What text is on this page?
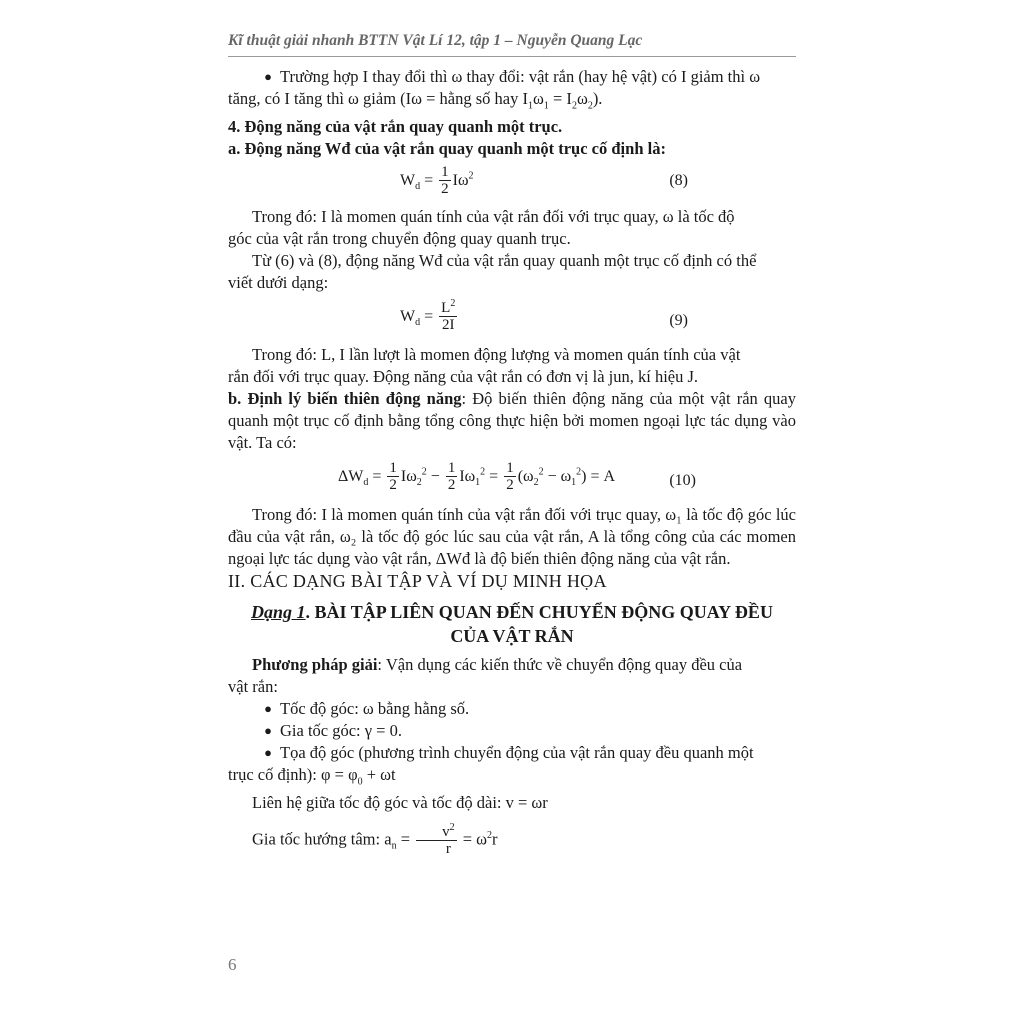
Kĩ thuật giải nhanh BTTN Vật Lí 12, tập 1 – Nguyễn Quang Lạc
● Trường hợp I thay đổi thì ω thay đổi: vật rắn (hay hệ vật) có I giảm thì ω

tăng, có I tăng thì ω giảm (Iω = hằng số hay $I_1\omega_1 = I_2\omega_2$).

4. Động năng của vật rắn quay quanh một trục.

a. Động năng Wđ của vật rắn quay quanh một trục cố định là:

$W_d = \frac{1}{2} I\omega^2$	(8)

Trong đó: I là momen quán tính của vật rắn đối với trục quay, ω là tốc độ

góc của vật rắn trong chuyển động quay quanh trục.

Từ (6) và (8), động năng Wđ của vật rắn quay quanh một trục cố định có thể

viết dưới dạng:

$W_d = \frac{L^2}{2I}$	(9)

Trong đó: L, I lần lượt là momen động lượng và momen quán tính của vật

rắn đối với trục quay. Động năng của vật rắn có đơn vị là jun, kí hiệu J.

b. Định lý biến thiên động năng: Độ biến thiên động năng của một vật rắn quay quanh một trục cố định bằng tổng công thực hiện bởi momen ngoại lực tác dụng vào vật. Ta có:

$\Delta W_d = \frac{1}{2} I\omega_2^2 - \frac{1}{2} I\omega_1^2 = \frac{1}{2} (\omega_2^2 - \omega_1^2) = A$	(10)

Trong đó: I là momen quán tính của vật rắn đối với trục quay, ω₁ là tốc độ góc lúc đầu của vật rắn, ω₂ là tốc độ góc lúc sau của vật rắn, A là tổng công của các momen ngoại lực tác dụng vào vật rắn, ΔWđ là độ biến thiên động năng của vật rắn.

II. CÁC DẠNG BÀI TẬP VÀ VÍ DỤ MINH HỌA

Dạng 1. BÀI TẬP LIÊN QUAN ĐẾN CHUYỂN ĐỘNG QUAY ĐỀU
CỦA VẬT RẮN

Phương pháp giải: Vận dụng các kiến thức về chuyển động quay đều của

vật rắn:

● Tốc độ góc: ω bằng hằng số.
● Gia tốc góc: γ = 0.
● Tọa độ góc (phương trình chuyển động của vật rắn quay đều quanh một

trục cố định): $\varphi = \varphi_0 + \omega t$

Liên hệ giữa tốc độ góc và tốc độ dài: v = ωr

Gia tốc hướng tâm: $a_n = \frac{v^2}{r} = \omega^2r$

6
